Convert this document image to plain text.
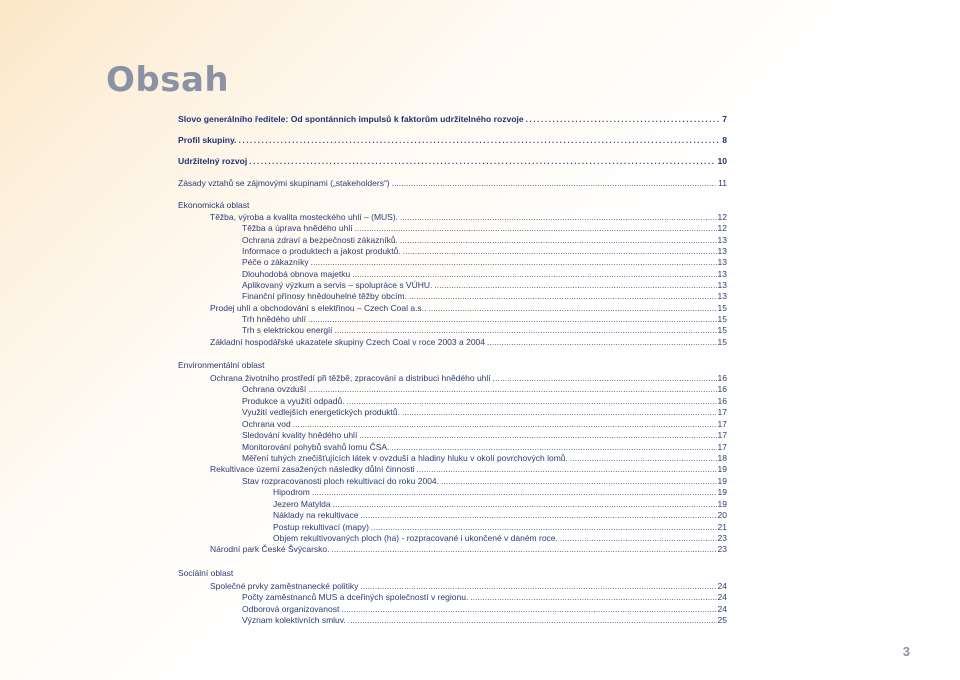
Obsah
Slovo generálního ředitele: Od spontánních impulsů k faktorům udržitelného rozvoje .....	7
Profil skupiny. .....	8
Udržitelný rozvoj .....	10
Zásady vztahů se zájmovými skupinami („stakeholders“) .....	11
Ekonomická oblast
Těžba, výroba a kvalita mosteckého uhlí – (MUS). .....	12
Těžba a úprava hnědého uhlí .....	12
Ochrana zdraví a bezpečnosti zákazníků. .....	13
Informace o produktech a jakost produktů. .....	13
Péče o zákazníky .....	13
Dlouhodobá obnova majetku .....	13
Aplikovaný výzkum a servis – spolupráce s VÚHU. .....	13
Finanční přínosy hnědouhelné těžby obcím. .....	13
Prodej uhlí a obchodování s elektřinou – Czech Coal a.s.. .....	15
Trh hnědého uhlí .....	15
Trh s elektrickou energií .....	15
Základní hospodářské ukazatele skupiny Czech Coal v roce 2003 a 2004 .....	15
Environmentální oblast
Ochrana životního prostředí při těžbě, zpracování a distribuci hnědého uhlí .....	16
Ochrana ovzduší .....	16
Produkce a využití odpadů. .....	16
Využití vedlejších energetických produktů. .....	17
Ochrana vod .....	17
Sledování kvality hnědého uhlí .....	17
Monitorování pohybů svahů lomu ČSA. .....	17
Měření tuhých znečišťujících látek v ovzduší a hladiny hluku v okolí povrchových lomů. .....	18
Rekultivace území zasažených následky důlní činnosti .....	19
Stav rozpracovanosti ploch rekultivací do roku 2004. .....	19
Hipodrom .....	19
Jezero Matylda .....	19
Náklady na rekultivace .....	20
Postup rekultivací (mapy) .....	21
Objem rekultivovaných ploch (ha) - rozpracované i ukončené v daném roce. .....	23
Národní park České Švýcarsko. .....	23
Sociální oblast
Společné prvky zaměstnanecké politiky .....	24
Počty zaměstnanců MUS a dceřiných společností v regionu. .....	24
Odborová organizovanost .....	24
Význam kolektivních smluv. .....	25
3
